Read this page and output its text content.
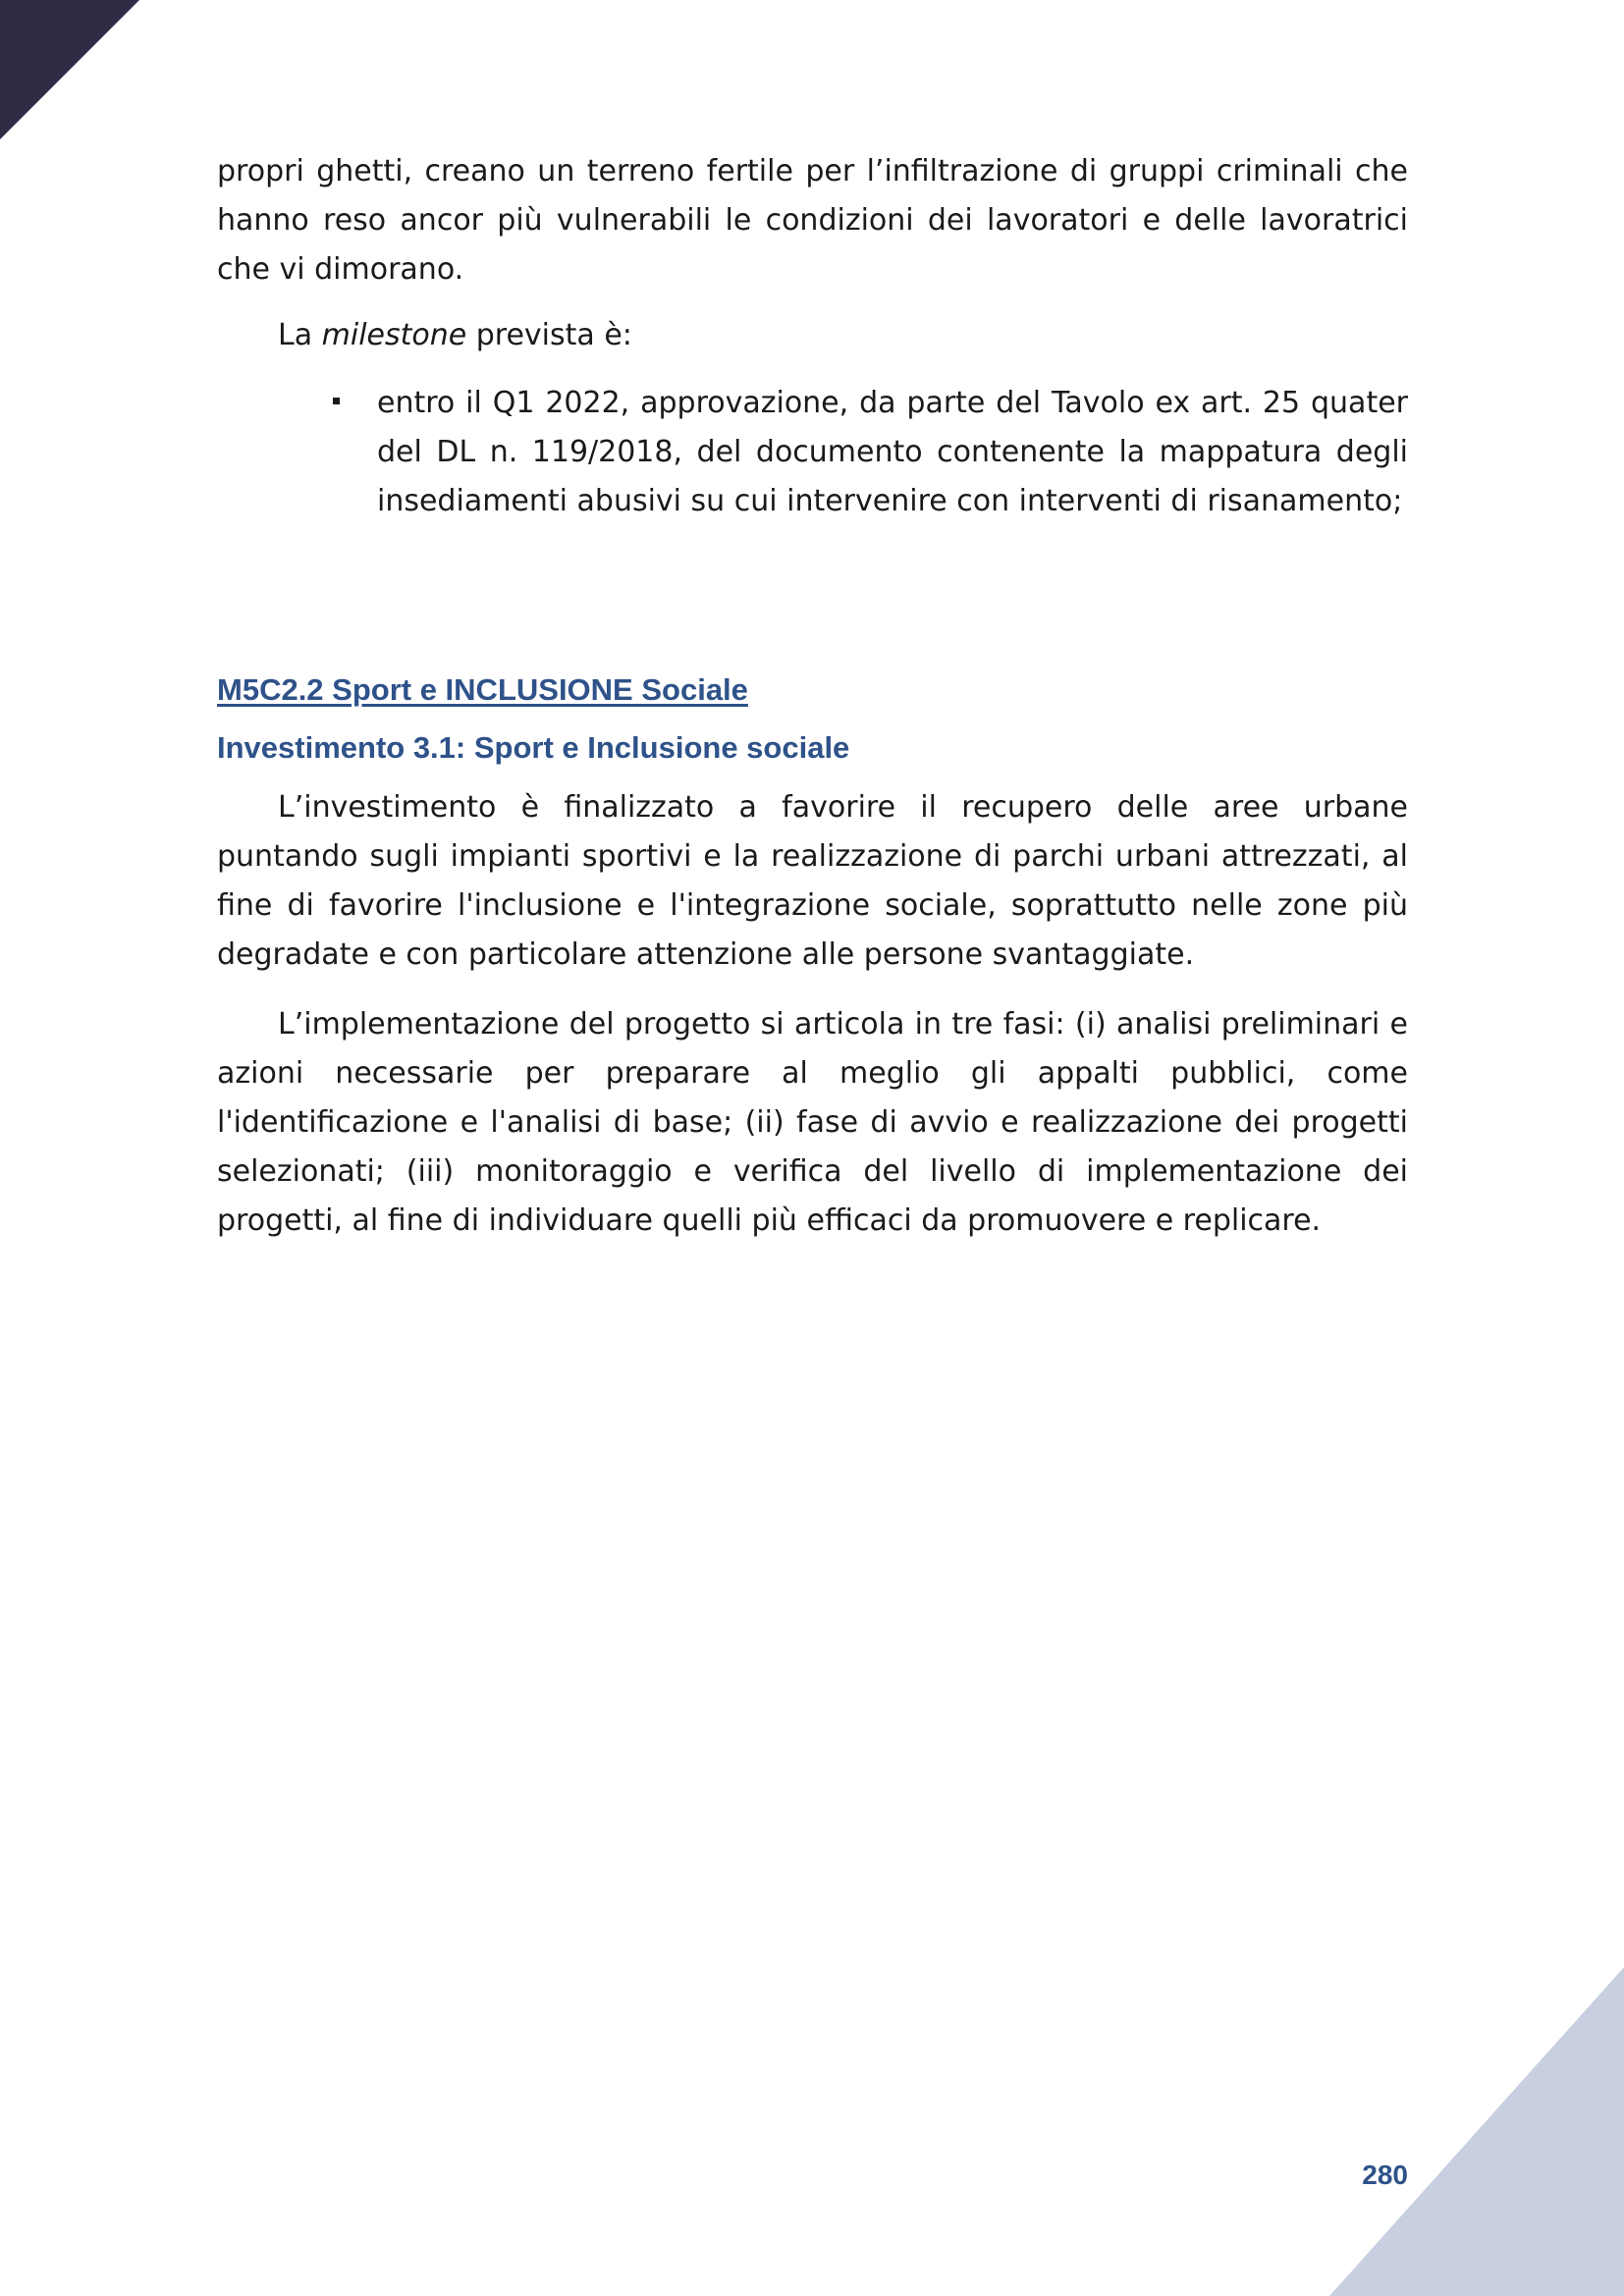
propri ghetti, creano un terreno fertile per l’infiltrazione di gruppi criminali che hanno reso ancor più vulnerabili le condizioni dei lavoratori e delle lavoratrici che vi dimorano.

La milestone prevista è:

entro il Q1 2022, approvazione, da parte del Tavolo ex art. 25 quater del DL n. 119/2018, del documento contenente la mappatura degli insediamenti abusivi su cui intervenire con interventi di risanamento;
M5C2.2 Sport e INCLUSIONE Sociale
Investimento 3.1: Sport e Inclusione sociale

L’investimento è finalizzato a favorire il recupero delle aree urbane puntando sugli impianti sportivi e la realizzazione di parchi urbani attrezzati, al fine di favorire l'inclusione e l'integrazione sociale, soprattutto nelle zone più degradate e con particolare attenzione alle persone svantaggiate.

L’implementazione del progetto si articola in tre fasi: (i) analisi preliminari e azioni necessarie per preparare al meglio gli appalti pubblici, come l'identificazione e l'analisi di base; (ii) fase di avvio e realizzazione dei progetti selezionati; (iii) monitoraggio e verifica del livello di implementazione dei progetti, al fine di individuare quelli più efficaci da promuovere e replicare.

280
